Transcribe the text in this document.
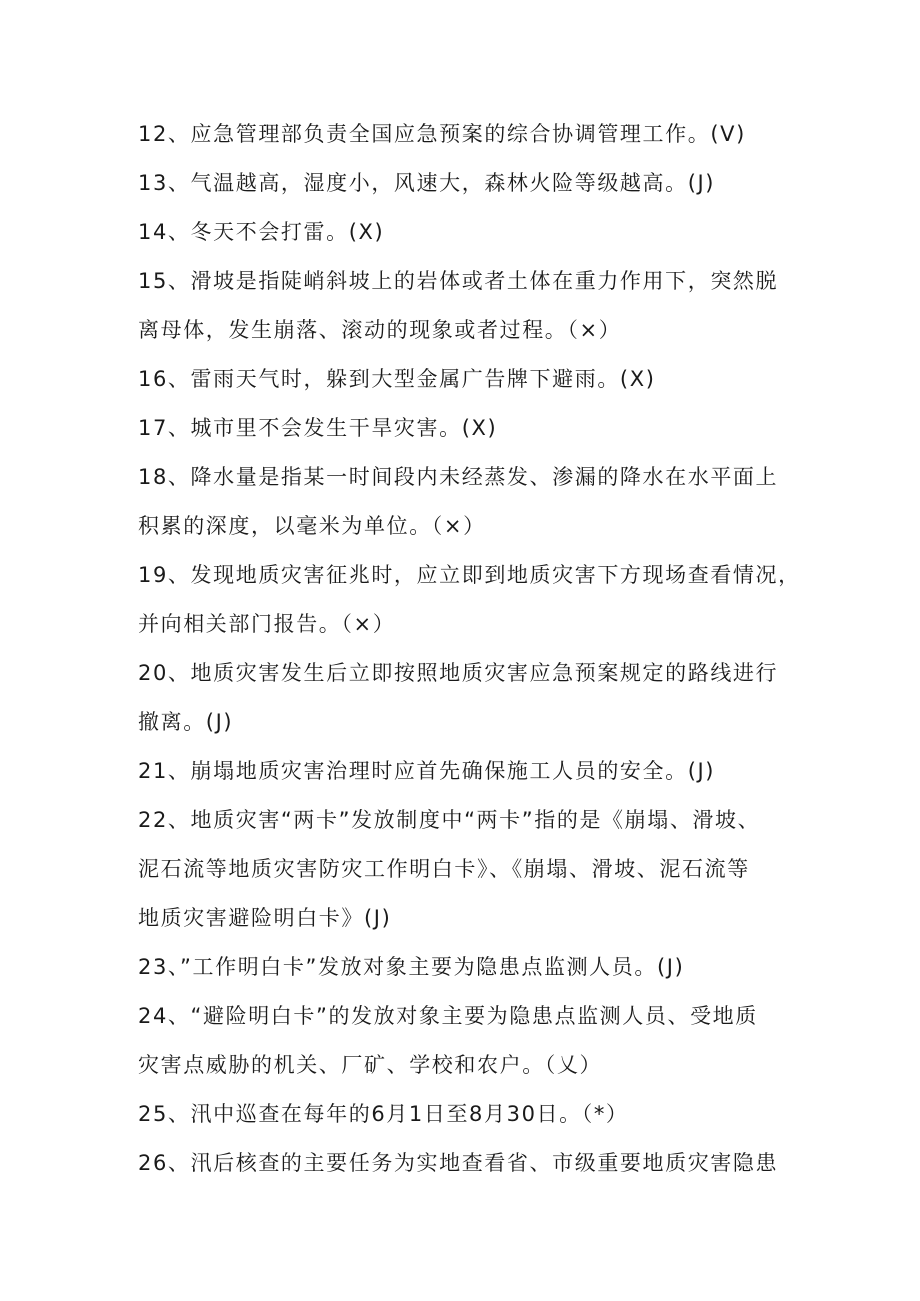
12、应急管理部负责全国应急预案的综合协调管理工作。(V)
13、气温越高，湿度小，风速大，森林火险等级越高。(J)
14、冬天不会打雷。(X)
15、滑坡是指陡峭斜坡上的岩体或者土体在重力作用下，突然脱
离母体，发生崩落、滚动的现象或者过程。（×）
16、雷雨天气时，躲到大型金属广告牌下避雨。(X)
17、城市里不会发生干旱灾害。(X)
18、降水量是指某一时间段内未经蒸发、渗漏的降水在水平面上
积累的深度，以毫米为单位。（×）
19、发现地质灾害征兆时，应立即到地质灾害下方现场查看情况，
并向相关部门报告。（×）
20、地质灾害发生后立即按照地质灾害应急预案规定的路线进行
撤离。(J)
21、崩塌地质灾害治理时应首先确保施工人员的安全。(J)
22、地质灾害“两卡”发放制度中“两卡”指的是《崩塌、滑坡、
泥石流等地质灾害防灾工作明白卡》、《崩塌、滑坡、泥石流等
地质灾害避险明白卡》(J)
23、”工作明白卡”发放对象主要为隐患点监测人员。(J)
24、“避险明白卡”的发放对象主要为隐患点监测人员、受地质
灾害点威胁的机关、厂矿、学校和农户。（乂）
25、汛中巡查在每年的6月1日至8月30日。（*）
26、汛后核查的主要任务为实地查看省、市级重要地质灾害隐患
